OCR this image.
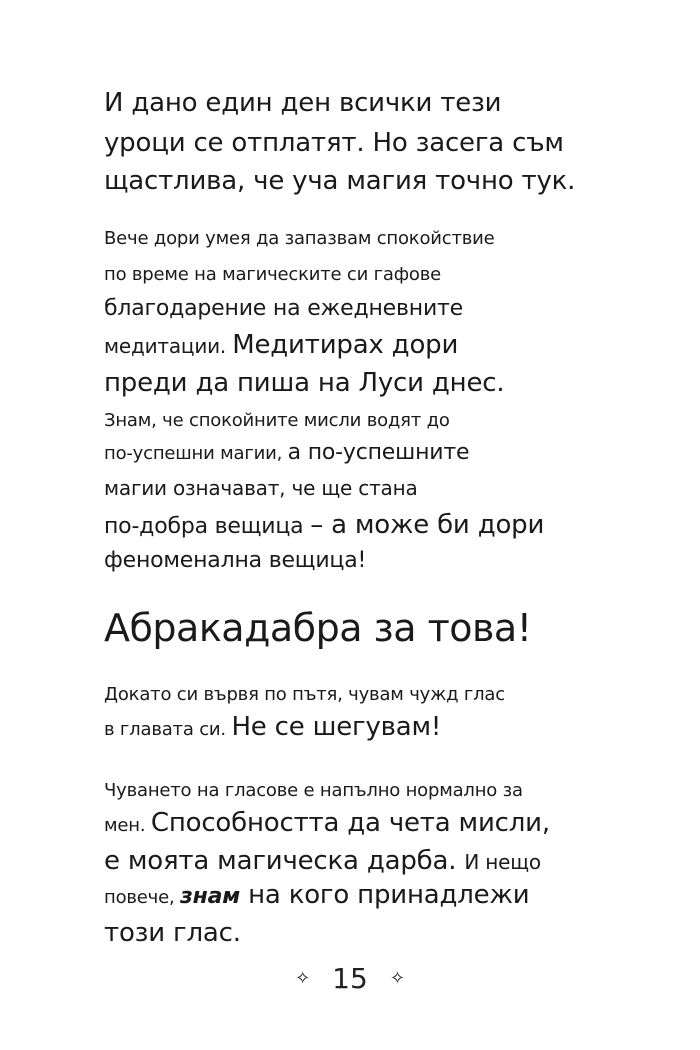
И дано един ден всички тези
уроци се отплатят. Но засега съм
щастлива, че уча магия точно тук.
Вече дори умея да запазвам спокойствие
по време на магическите си гафове
благодарение на ежедневните
медитации. Медитирах дори
преди да пиша на Луси днес.
Знам, че спокойните мисли водят до
по-успешни магии, а по-успешните
магии означават, че ще стана
по-добра вещица – а може би дори
феноменална вещица!
Абракадабра за това!
Докато си вървя по пътя, чувам чужд глас
в главата си. Не се шегувам!
Чуването на гласове е напълно нормално за
мен. Способността да чета мисли,
е моята магическа дарба. И нещо
повече, знам на кого принадлежи
този глас.
✧ 15 ✧
